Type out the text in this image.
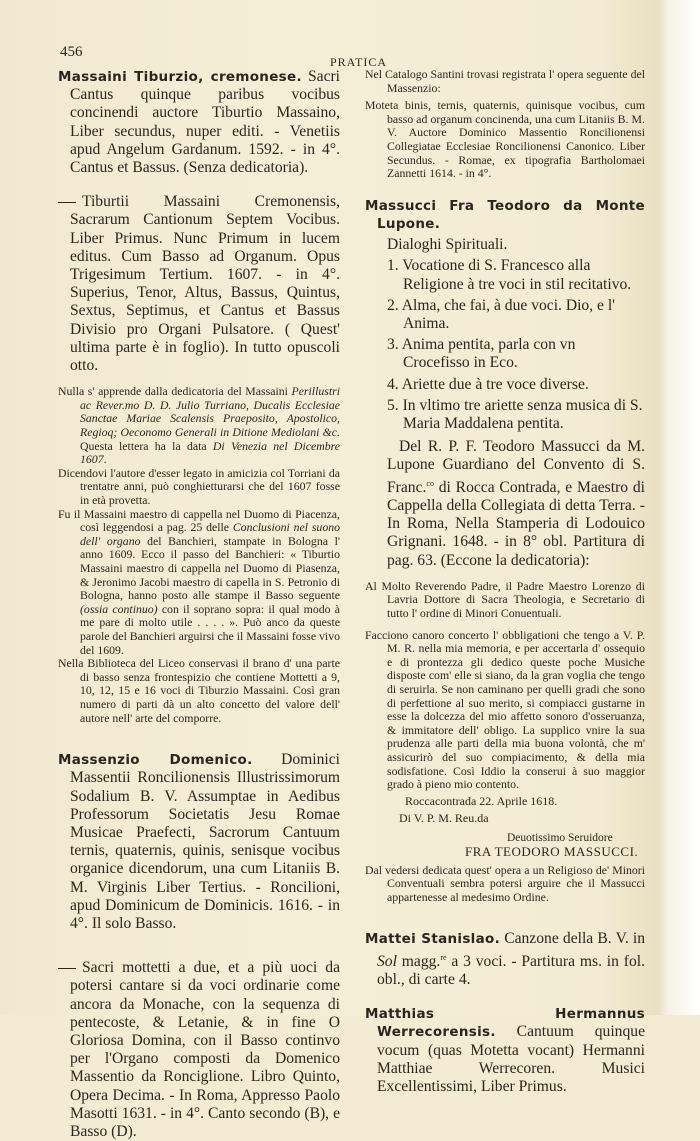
456
PRATICA

Massaini Tiburzio, cremonese. Sacri Cantus quinque paribus vocibus concinendi auctore Tiburtio Massaino, Liber secundus, nuper editi. - Venetiis apud Angelum Gardanum. 1592. - in 4°. Cantus et Bassus. (Senza dedicatoria).

Tiburtii Massaini Cremonensis, Sacrarum Cantionum Septem Vocibus. Liber Primus. Nunc Primum in lucem editus. Cum Basso ad Organum. Opus Trigesimum Tertium. 1607. - in 4°. Superius, Tenor, Altus, Bassus, Quintus, Sextus, Septimus, et Cantus et Bassus Divisio pro Organi Pulsatore. ( Quest' ultima parte è in foglio). In tutto opuscoli otto.

Nulla s' apprende dalla dedicatoria del Massaini Perillustri ac Rever.mo D. D. Julio Turriano, Ducalis Ecclesiae Sanctae Mariae Scalensis Praeposito, Apostolico, Regioq; Oeconomo Generali in Ditione Mediolani &c. Questa lettera ha la data Di Venezia nel Dicembre 1607.

Dicendovi l'autore d'esser legato in amicizia col Torriani da trentatre anni, può conghietturarsi che del 1607 fosse in età provetta.

Fu il Massaini maestro di cappella nel Duomo di Piacenza, così leggendosi a pag. 25 delle Conclusioni nel suono dell' organo del Banchieri, stampate in Bologna l' anno 1609. Ecco il passo del Banchieri: « Tiburtio Massaini maestro di cappella nel Duomo di Piasenza, & Jeronimo Jacobi maestro di capella in S. Petronio di Bologna, hanno posto alle stampe il Basso seguente (ossia continuo) con il soprano sopra: il qual modo à me pare di molto utile . . . . ». Può anco da queste parole del Banchieri arguirsi che il Massaini fosse vivo del 1609.

Nella Biblioteca del Liceo conservasi il brano d' una parte di basso senza frontespizio che contiene Mottetti a 9, 10, 12, 15 e 16 voci di Tiburzio Massaini. Così gran numero di parti dà un alto concetto del valore dell' autore nell' arte del comporre.

Massenzio Domenico. Dominici Massentii Roncilionensis Illustrissimorum Sodalium B. V. Assumptae in Aedibus Professorum Societatis Jesu Romae Musicae Praefecti, Sacrorum Cantuum ternis, quaternis, quinis, senisque vocibus organice dicendorum, una cum Litaniis B. M. Virginis Liber Tertius. - Roncilioni, apud Dominicum de Dominicis. 1616. - in 4°. Il solo Basso.

Sacri mottetti a due, et a più uoci da potersi cantare si da voci ordinarie come ancora da Monache, con la sequenza di pentecoste, & Letanie, & in fine O Gloriosa Domina, con il Basso continvo per l'Organo composti da Domenico Massentio da Ronciglione. Libro Quinto, Opera Decima. - In Roma, Appresso Paolo Masotti 1631. - in 4°. Canto secondo (B), e Basso (D).

Nel Catalogo Santini trovasi registrata l' opera seguente del Massenzio:

Moteta binis, ternis, quaternis, quinisque vocibus, cum basso ad organum concinenda, una cum Litaniis B. M. V. Auctore Dominico Massentio Roncilionensi Collegiatae Ecclesiae Roncilionensi Canonico. Liber Secundus. - Romae, ex tipografia Bartholomaei Zannetti 1614. - in 4°.

Massucci Fra Teodoro da Monte Lupone.

Dialoghi Spirituali.

1. Vocatione di S. Francesco alla Religione à tre voci in stil recitativo.

2. Alma, che fai, à due voci. Dio, e l' Anima.

3. Anima pentita, parla con vn Crocefisso in Eco.

4. Ariette due à tre voce diverse.

5. In vltimo tre ariette senza musica di S. Maria Maddalena pentita.

Del R. P. F. Teodoro Massucci da M. Lupone Guardiano del Convento di S. Franc.$^{co}$ di Rocca Contrada, e Maestro di Cappella della Collegiata di detta Terra. - In Roma, Nella Stamperia di Lodouico Grignani. 1648. - in 8° obl. Partitura di pag. 63. (Eccone la dedicatoria):

Al Molto Reverendo Padre, il Padre Maestro Lorenzo di Lavria Dottore di Sacra Theologia, e Secretario di tutto l' ordine di Minori Conuentuali.

Facciono canoro concerto l' obbligationi che tengo a V. P. M. R. nella mia memoria, e per accertarla d' ossequio e di prontezza gli dedico queste poche Musiche disposte com' elle si siano, da la gran voglia che tengo di seruirla. Se non caminano per quelli gradi che sono di perfettione al suo merito, si compiacci gustarne in esse la dolcezza del mio affetto sonoro d'osseruanza, & immitatore dell' obligo. La supplico vnire la sua prudenza alle parti della mia buona volontà, che m' assicurirò del suo compiacimento, & della mia sodisfatione. Così Iddio la conserui à suo maggior grado à pieno mio contento.

Roccacontrada 22. Aprile 1618.
Di V. P. M. Reu.da
Deuotissimo Seruidore
FRA TEODORO MASSUCCI.

Dal vedersi dedicata quest' opera a un Religioso de' Minori Conventuali sembra potersi arguire che il Massucci appartenesse al medesimo Ordine.

Mattei Stanislao. Canzone della B. V. in Sol magg.$^{re}$ a 3 voci. - Partitura ms. in fol. obl., di carte 4.

Matthias Hermannus Werrecorensis. Cantuum quinque vocum (quas Motetta vocant) Hermanni Matthiae Werrecoren. Musici Excellentissimi, Liber Primus.
